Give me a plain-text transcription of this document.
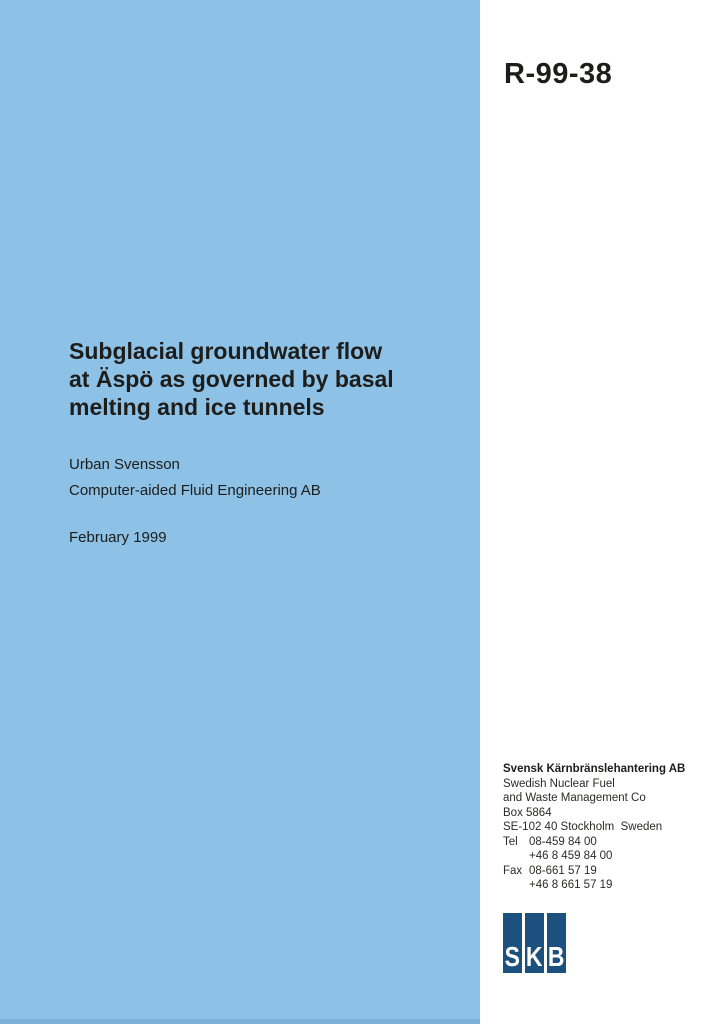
R-99-38
Subglacial groundwater flow
at Äspö as governed by basal
melting and ice tunnels
Urban Svensson
Computer-aided Fluid Engineering AB
February 1999
Svensk Kärnbränslehantering AB
Swedish Nuclear Fuel
and Waste Management Co
Box 5864
SE-102 40 Stockholm  Sweden
Tel 08-459 84 00
+46 8 459 84 00
Fax 08-661 57 19
+46 8 661 57 19
S K B
